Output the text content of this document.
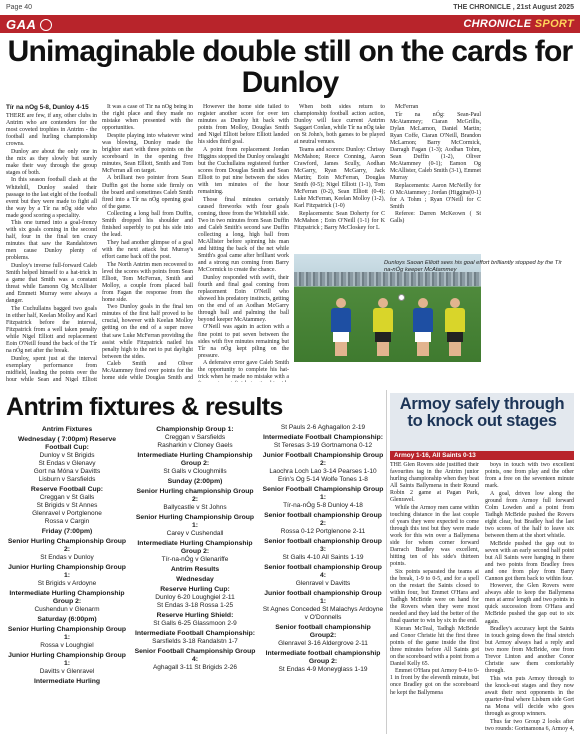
Page 40	THE CHRONICLE , 21st August 2025
GAA	CHRONICLE SPORT
Unimaginable double still on the cards for Dunloy

Tír na nÓg 5-8, Dunloy 4-15

THERE are few, if any, other clubs in Antrim who are contenders for the most coveted trophies in Antrim - the football and hurling championship crowns.

Dunloy are about the only one in the mix as they slowly but surely make their way through the group stages of both.

In this season football clash at the Whitehill, Dunloy sealed their passage to the last eight of the football event but they were made to fight all the way by a Tír na nÓg side who made good scoring a speciality.

This one turned into a goal-frenzy with six goals coming in the second half, four in the final ten crazy minutes that saw the Randalstown men cause Dunloy plenty of problems.

Dunloy's inverse full-forward Caleb Smith helped himself to a hat-trick in a game that Smith was a constant threat while Eamonn Og McAllister and Emmett Murray were always a danger.

The Cuchullains bagged two goals in either half, Keelan Molloy and Karl Fitzpatrick before the interval, Fitzpatrick from a well taken penalty while Nigel Elliott and replacement Eoin O'Neill found the back of the Tír na nÓg net after the break.

Dunloy, spent just at the interval exemplary performance from midfield, leading the points over the hour while Sean and Nigel Elliott

It was a case of Tír na nÓg being in the right place and they made no mistake when presented with the opportunities.

Despite playing into whatever wind was blowing, Dunloy made the brighter start with three points on the scoreboard in the opening five minutes, Sean Elliott, Smith and Tom McFerran all on target.

A brilliant two pointer from Sean Duffin got the home side firmly on the board and sometimes Caleb Smith fired into a Tír na nÓg opening goal of the game.

Collecting a long ball from Duffin, Smith dropped his shoulder and finished superbly to put his side into the lead.

They had another glimpse of a goal with the next attack but Murray's effort came back off the post.

The North Antrim men recovered to level the scores with points from Sean Elliott, Tom McFerran, Smith and Molloy, a couple from placed ball from Fagan the response from the home side.

Two Dunloy goals in the final ten minutes of the first half proved to be crucial, however with Keelan Molloy getting on the end of a super move that saw Luke McFerran providing the assist while Fitzpatrick nailed his penalty high to the net to put daylight between the sides.

Caleb Smith and Oliver McAtammey fired over points for the home side while Douglas Smith and

However the home side failed to register another score for over ten minutes as Dunloy hit back with points from Molloy, Douglas Smith and Nigel Elliott before Elliott landed his sides third goal.

A point from replacement Jordan Higgins stopped the Dunloy onslaught but the Cuchullains registered further scores from Douglas Smith and Sean Elliott to put nine between the sides with ten minutes of the hour remaining.

Those final minutes certainly caused fireworks with four goals coming, three from the Whitehill side. Two in two minutes from Sean Duffin and Caleb Smith's second saw Duffin collecting a long, high ball from McAllister before spinning his man and hitting the back of the net while Smith's goal came after brilliant work and a strong run coming from Barry McCormick to create the chance.

Dunloy responded with swift, their fourth and final goal coming from replacement Eoin O'Neill who showed his predatory instincts, getting on the end of an Aodhan McGarry through ball and palming the ball beyond keeper McAtammey.

O'Neill was again in action with a fine point to put seven between the sides with five minutes remaining but Tír na nÓg kept piling on the pressure.

A defensive error gave Caleb Smith the opportunity to complete his hat-trick when he made no mistake with a

When both sides return to championship football action action, Dunloy will face current Antrim Saggart Conlan, while Tír na nÓg take on St John's, both games to be played at neutral venues.

Teams and scorers: Dunloy: Chrissy McMahon; Reece Conning, Aaron Crawford, James Scully, Aodhan McGarry, Ryan McGarry, Jack Martin; Eoin McFerran, Douglas Smith (0-5); Nigel Elliott (1-1), Tom McFerran (0-2), Sean Elliott (0-4); Luke McFerran, Keelan Molloy (1-2), Karl Fitzpatrick (1-0)

Replacements: Sean Doherty for C McMahon ; Eoin O'Neill (1-1) for K Fitzpatrick ; Barry McCloskey for L

McFerran

Tír na nÓg: Sean-Paul McAtammey; Ciaran McGrillis, Dylan McLarnon, Daniel Martin; Ryan Coffe, Ciaran O'Neill, Brandon McLarnon; Barry McCormick, Darragh Fagan (1-3); Aodhan Tohm, Sean Duffin (1-2), Oliver McAtammey (0-1); Eamon Og McAllister, Caleb Smith (3-1), Emmet Murray

Replacements: Aaron McNeilly for O McAtammey ; Jordan (Higgins(0-1) for A Tohm ; Ryan O'Neill for C Smith

Referee: Darren McKeown ( St Galls)

Dunloys Saoan Elliott sees his goal effort brilliantly stopped by the Tír na-nÓg keeper McAtammey
Antrim fixtures & results
Antrim Fixtures
Wednesday ( 7:00pm) Reserve Football Cup:
Dunloy v St Brigids
St Endas v Glenavy
Gort na Móna v Davitts
Lisburn v Sarsfields
Reserve Football Cup:
Creggan v St Galls
St Brigids v St Annes
Glenravel v Portglenone
Rossa v Cargin
Friday (7:00pm)
Senior Hurling Championship Group 2:
St Endas v Dunloy
Junior Hurling Championship Group 1:
St Brigids v Ardoyne
Intermediate Hurling Championship Group 2:
Cushendun v Glenarm
Saturday (6:00pm)
Senior Hurling Championship Group 1:
Rossa v Loughgiel
Junior Hurling Championship Group 1:
Davitts v Glenravel
Intermediate Hurling
Championship Group 1:
Creggan v Sarsfields
Rasharkin v Cloney Gaels
Intermediate Hurling Championship Group 2:
St Galls v Cloughmills
Sunday (2:00pm)
Senior Hurling championship Group 2:
Ballycastle v St Johns
Senior Hurling Championship Group 1:
Carey v Cushendall
Intermediate Hurling Championship Group 2:
Tír-na-nÓg v Glenariffe
Antrim Results
Wednesday
Reserve Hurling Cup:
Dunloy 6-20 Loughgiel 2-11
St Endas 3-18 Rossa 1-25
Reserve Hurling Shield:
St Galls 6-25 Glassmoon 2-9
Intermediate Football Championship:
Sarsfields 3-18 Randalstn 1-7
Senior Football Championship Group 4:
Aghagall 3-11 St Brigids 2-26
St Pauls 2-6 Aghagallon 2-19
Intermediate Football Championship:
St Teresas 3-19 Gortnamona 0-12
Junior Football Championship Group 2:
Laochra Loch Lao 3-14 Pearses 1-10
Erin's Og 5-14 Wolfe Tones 1-8
Senior Football Championship Group 1:
Tír-na-nÓg 5-8 Dunloy 4-18
Senior football championship Group 2:
Rossa 0-12 Portglenone 2-11
Senior football championship Group 3:
St Galls 4-10 All Saints 1-19
Senior football championship Group 4:
Glenravel v Davitts
Junior football championship Group 1:
St Agnes Conceded St Malachys Ardoyne v O'Donnells
Senior football championship Group2:
Glenravel 3-16 Aldergrove 2-11
Intermediate football championship Group 2:
St Endas 4-9 Moneyglass 1-19
Armoy safely through to knock out stages
Armoy 1-16, All Saints 0-13

THE Glen Rovers side justified their favourites tag in the Antrim junior hurling championship when they beat All Saints Ballymena in their Round Robin 2 game at Pagan Park, Glenravel.

While the Armoy men came within touching distance in the last couple of years they were expected to come through this test but they were made work for this win over a Ballymena side for whom corner forward Darrach Bradley was excellent, hitting ten of his side's thirteen points.

Six points separated the teams at the break, 1-9 to 0-5, and for a spell on the restart the Saints closed to within four, but Emmet O'Hara and Tadhgh McBride were on hand for the Rovers when they were most needed and they laid the better of the final quarter to win by six in the end.

Kieran McTeal, Tadhgh McBride and Conor Christie hit the first three points of the game inside the first three minutes before All Saints got on the scoreboard with a point from a Daniel Kelly 65.

Emmet O'Hara put Armoy 0-4 to 0-1 in front by the eleventh minute, but once Bradley got on the scoreboard he kept the Ballymena

boys in touch with two excellent points, one from play and the other from a free on the seventeen minute mark.

A goal, driven low along the ground from Armoy full forward Colm Lowden and a point from Tadhgh McBride pushed the Rovers eight clear, but Bradley had the last two scores of the half to leave six between them at the short whistle.

McBride pushed the gap out to seven with an early second half point but All Saints were hanging in there and two points from Bradley frees and one from play from Barry Cannon got them back to within four.

However, the Glen Rovers were always able to keep the Ballymena men at arms' length and two points in quick succession from O'Hara and McBride pushed the gap out to six again.

Bradley's accuracy kept the Saints in touch going down the final stretch but Armoy always had a reply and two more from McBride, one from Trevor Linton and another Conor Christie saw them comfortably through.

This win puts Armoy through to the knock-out stages and they now await their next opponents in the quarter-final where Lisburn side Gort na Mona will decide who goes through as group winners.

Thus far two Group 2 looks after two rounds: Gortnamona 6, Armoy 4,
